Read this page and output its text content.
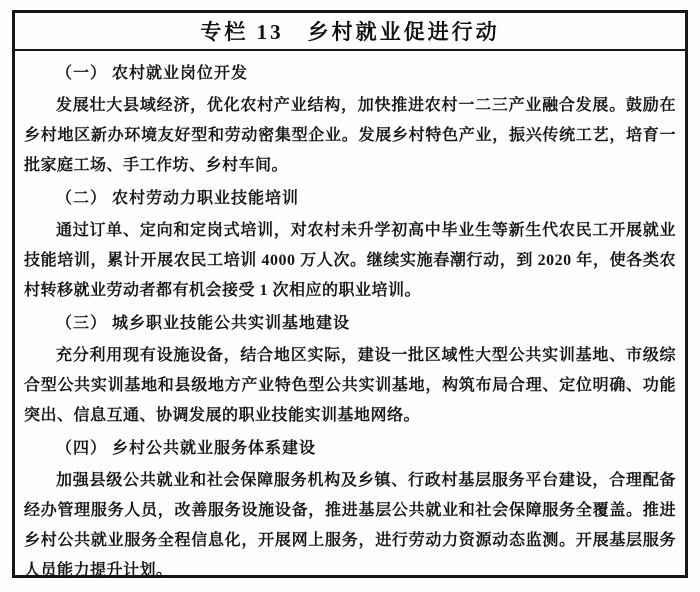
专栏 13　乡村就业促进行动
（一） 农村就业岗位开发

发展壮大县域经济，优化农村产业结构，加快推进农村一二三产业融合发展。鼓励在乡村地区新办环境友好型和劳动密集型企业。发展乡村特色产业，振兴传统工艺，培育一批家庭工场、手工作坊、乡村车间。

（二） 农村劳动力职业技能培训

通过订单、定向和定岗式培训，对农村未升学初高中毕业生等新生代农民工开展就业技能培训，累计开展农民工培训 4000 万人次。继续实施春潮行动，到 2020 年，使各类农村转移就业劳动者都有机会接受 1 次相应的职业培训。

（三） 城乡职业技能公共实训基地建设

充分利用现有设施设备，结合地区实际，建设一批区域性大型公共实训基地、市级综合型公共实训基地和县级地方产业特色型公共实训基地，构筑布局合理、定位明确、功能突出、信息互通、协调发展的职业技能实训基地网络。

（四） 乡村公共就业服务体系建设

加强县级公共就业和社会保障服务机构及乡镇、行政村基层服务平台建设，合理配备经办管理服务人员，改善服务设施设备，推进基层公共就业和社会保障服务全覆盖。推进乡村公共就业服务全程信息化，开展网上服务，进行劳动力资源动态监测。开展基层服务人员能力提升计划。
